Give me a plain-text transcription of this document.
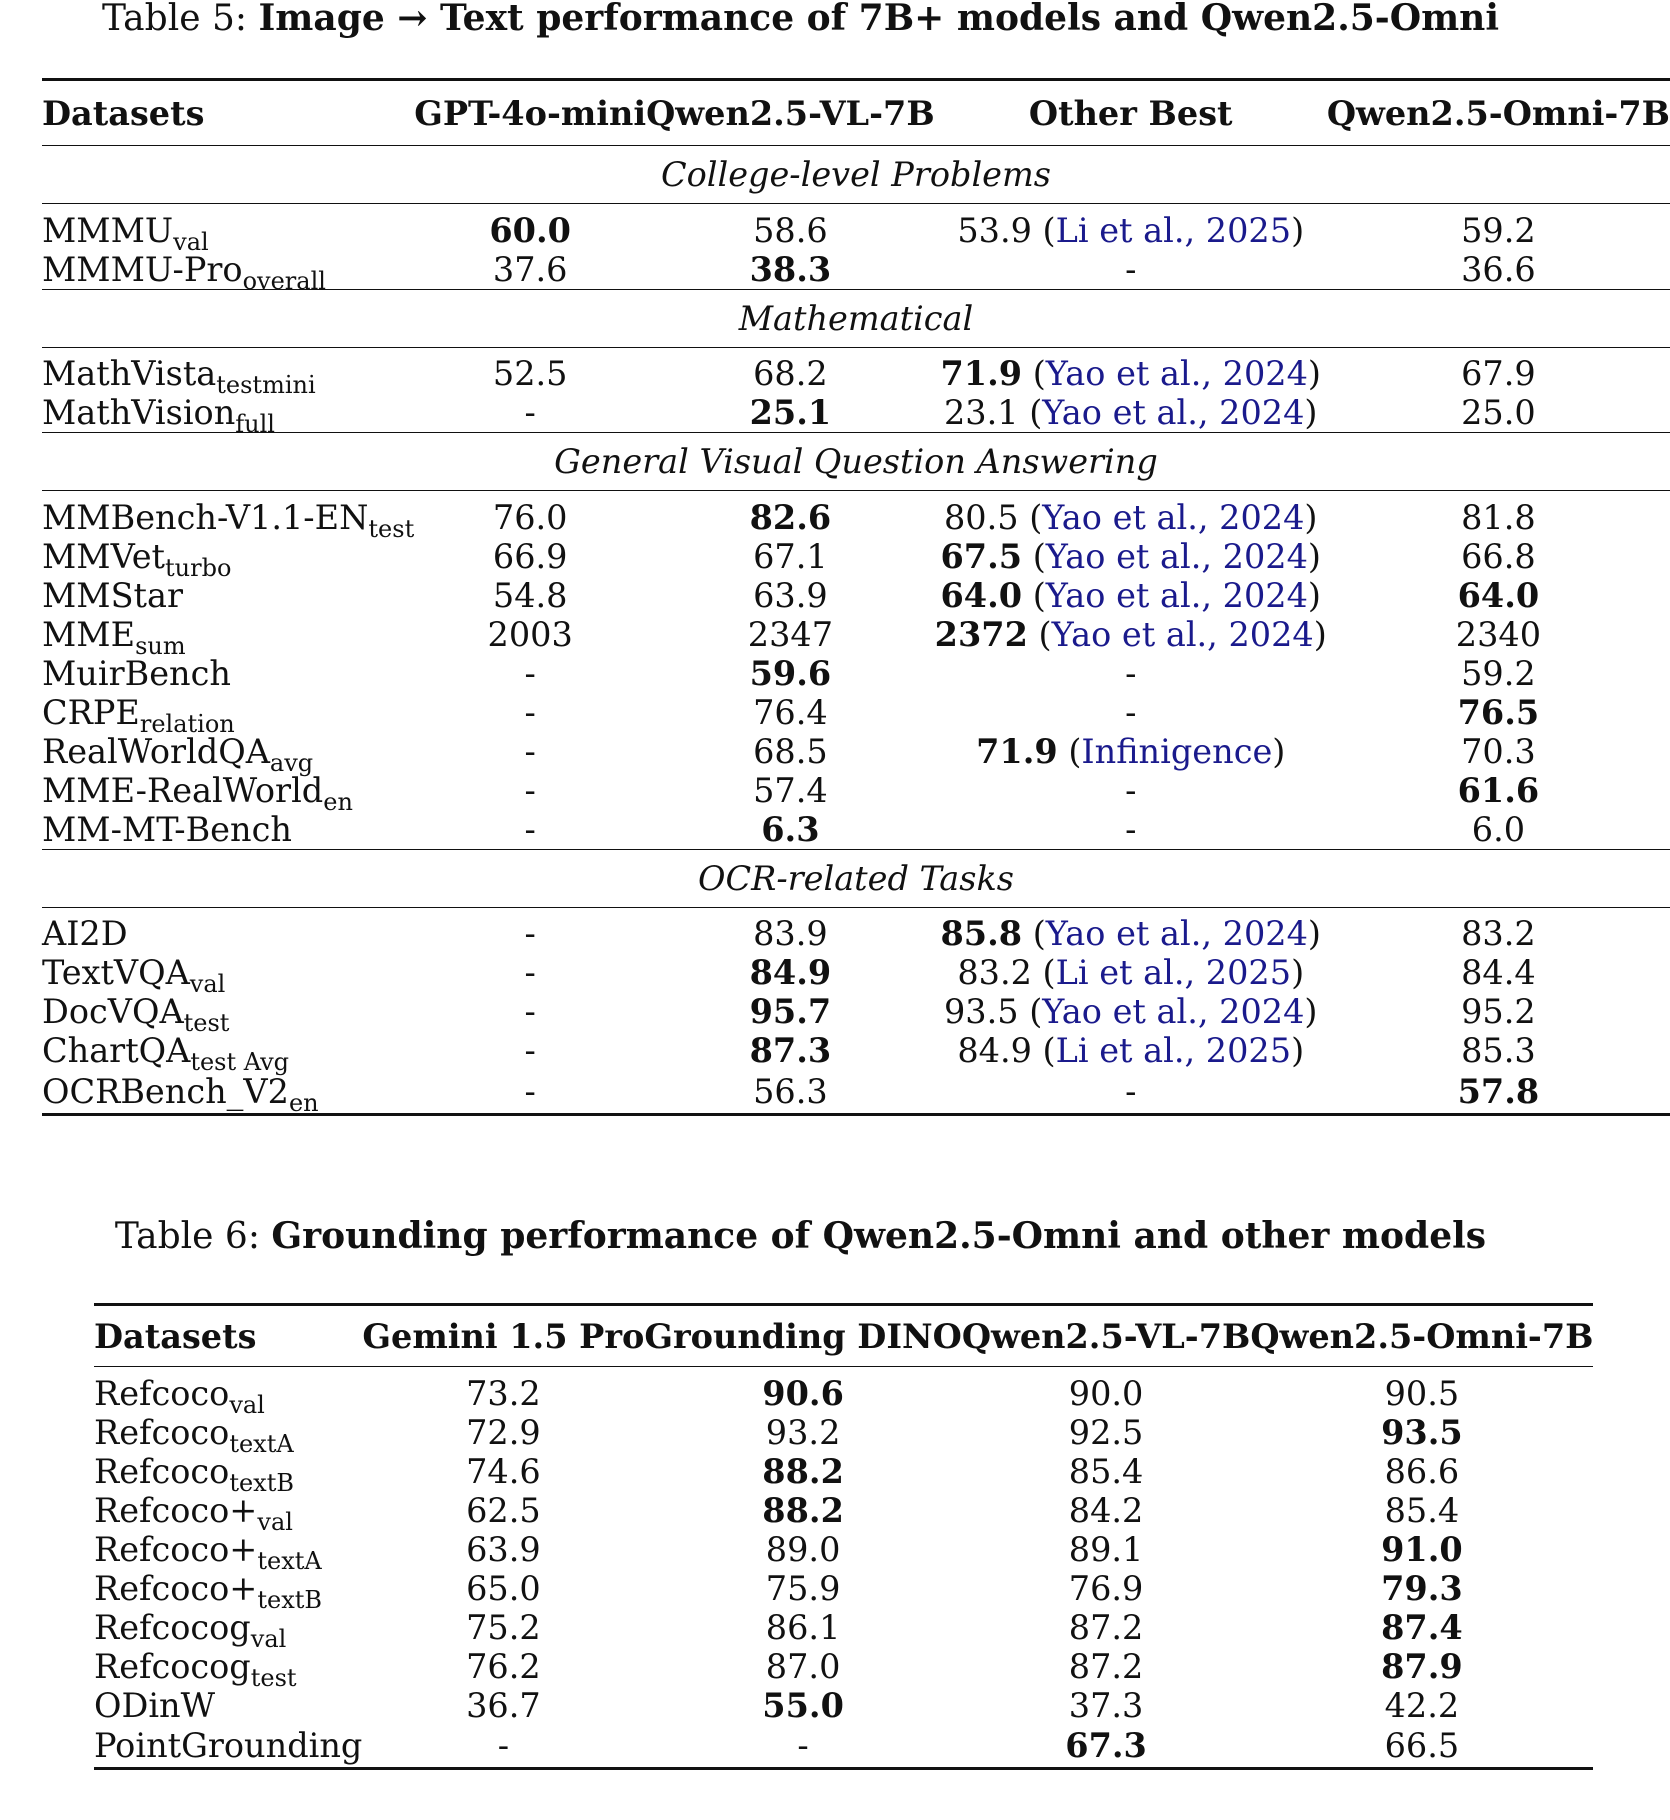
Table 5: Image → Text performance of 7B+ models and Qwen2.5-Omni
Datasets	GPT-4o-mini	Qwen2.5-VL-7B	Other Best	Qwen2.5-Omni-7B
College-level Problems				
$MMMU_{val}$	60.0	58.6	53.9 (Li et al., 2025)	59.2
MMMU-Pro$_{overall}$	37.6	38.3	-	36.6
Mathematical				
MathVista$_{testmini}$	52.5	68.2	71.9 (Yao et al., 2024)	67.9
MathVision$_{full}$	-	25.1	23.1 (Yao et al., 2024)	25.0
General Visual Question Answering				
MMBench-$V1.1-EN_{test}$	76.0	82.6	80.5 (Yao et al., 2024)	81.8
MMVet$_{turbo}$	66.9	67.1	67.5 (Yao et al., 2024)	66.8
MMStar	54.8	63.9	64.0 (Yao et al., 2024)	64.0
$MME_{sum}$	2003	2347	2372 (Yao et al., 2024)	2340
MuirBench	-	59.6	-	59.2
$CRPE_{relation}$	-	76.4	-	76.5
RealWorldQA$_{avg}$	-	68.5	71.9 (Infinigence)	70.3
MME-RealWorld$_{en}$	-	57.4	-	61.6
MM-MT-Bench	-	6.3	-	6.0
OCR-related Tasks				
AI2D	-	83.9	85.8 (Yao et al., 2024)	83.2
TextVQA$_{val}$	-	84.9	83.2 (Li et al., 2025)	84.4
DocVQA$_{test}$	-	95.7	93.5 (Yao et al., 2024)	95.2
ChartQA$_{test Avg}$	-	87.3	84.9 (Li et al., 2025)	85.3
$OCRBench\_V2_{en}$	-	56.3	-	57.8
Table 6: Grounding performance of Qwen2.5-Omni and other models
Datasets	Gemini 1.5 Pro	Grounding DINO	Qwen2.5-VL-7B	Qwen2.5-Omni-7B
Refcoco$_{val}$	73.2	90.6	90.0	90.5
Refcoco$_{textA}$	72.9	93.2	92.5	93.5
Refcoco$_{textB}$	74.6	88.2	85.4	86.6
$Refcoco+_{val}$	62.5	88.2	84.2	85.4
$Refcoco+_{textA}$	63.9	89.0	89.1	91.0
$Refcoco+_{textB}$	65.0	75.9	76.9	79.3
Refcocog$_{val}$	75.2	86.1	87.2	87.4
Refcocog$_{test}$	76.2	87.0	87.2	87.9
ODinW	36.7	55.0	37.3	42.2
PointGrounding	-	-	67.3	66.5
